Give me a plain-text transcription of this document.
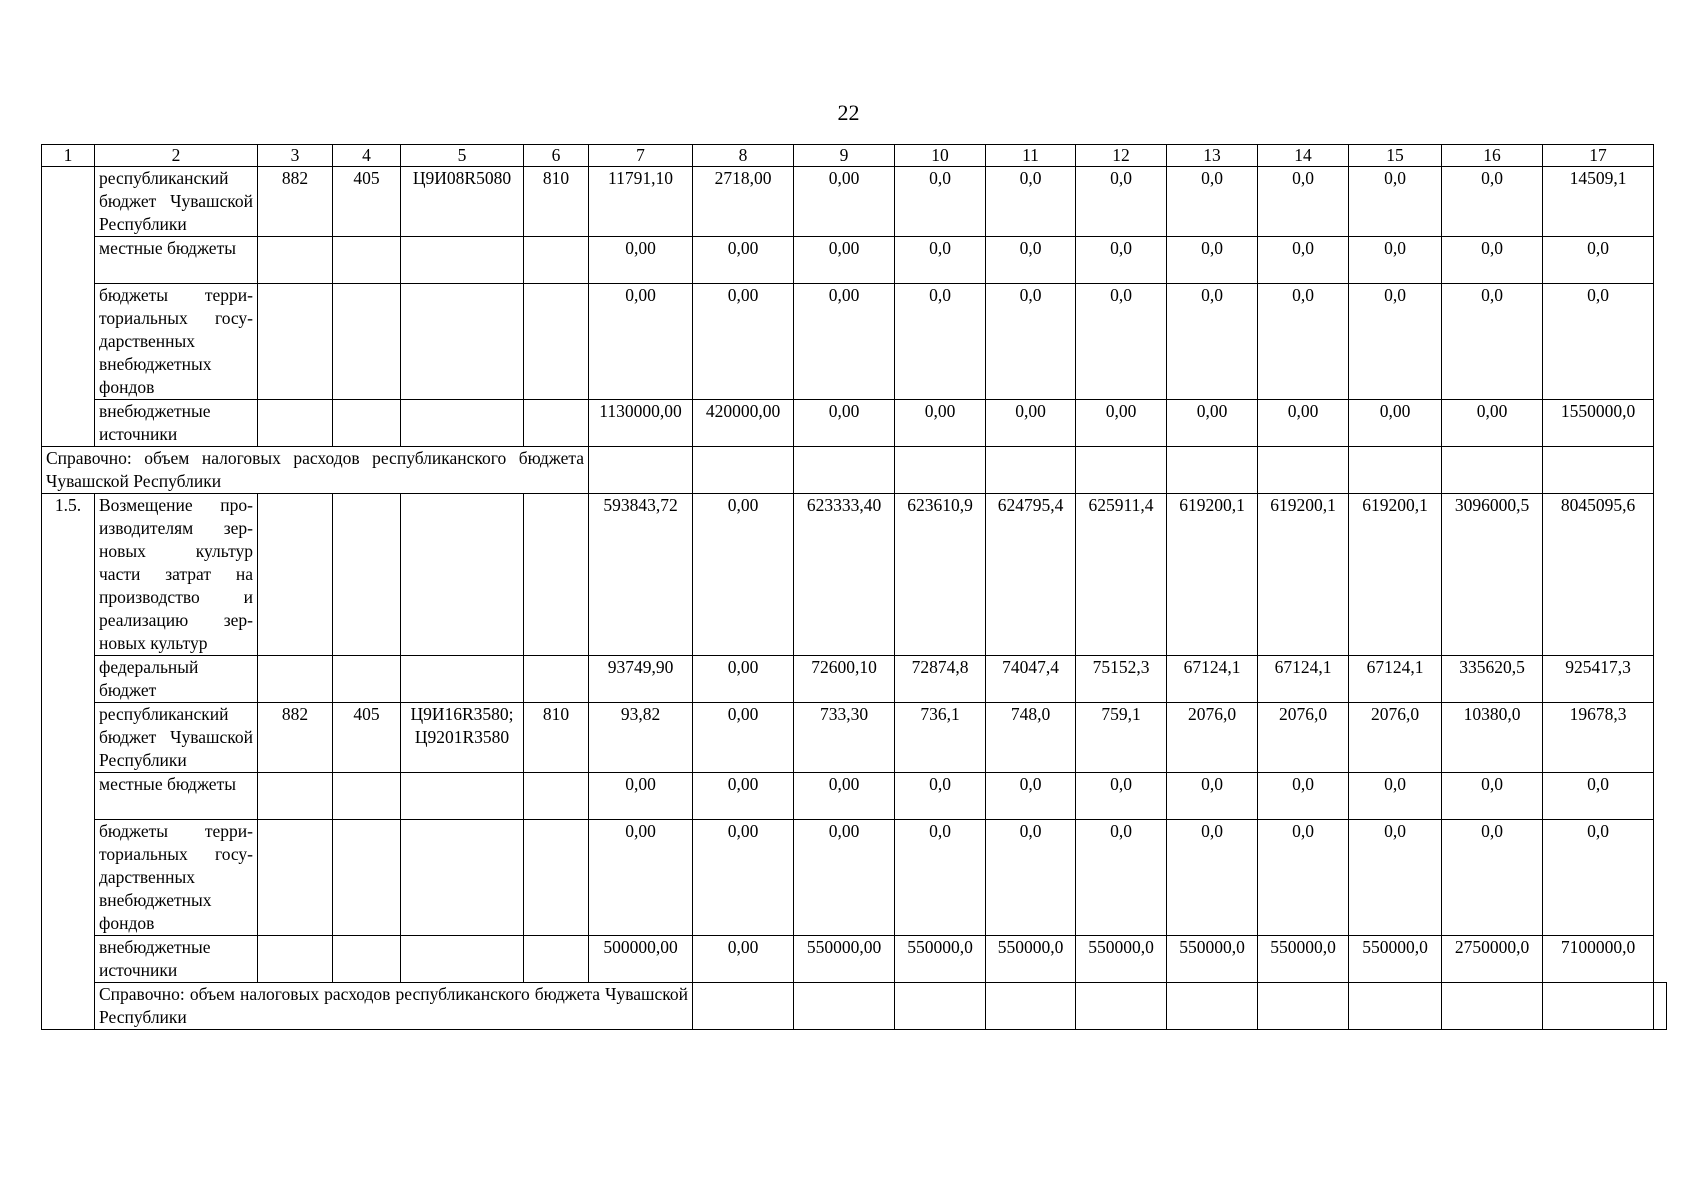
22
1	2	3	4	5	6	7	8	9	10	11	12	13	14	15	16	17	
	республиканский бюджет Чувашской Республики	882	405	Ц9И08R5080	810	11791,10	2718,00	0,00	0,0	0,0	0,0	0,0	0,0	0,0	0,0	14509,1	
	местные бюджеты					0,00	0,00	0,00	0,0	0,0	0,0	0,0	0,0	0,0	0,0	0,0	
	бюджеты территориальных государственных внебюджетных фондов					0,00	0,00	0,00	0,0	0,0	0,0	0,0	0,0	0,0	0,0	0,0	
	внебюджетные источники					1130000,00	420000,00	0,00	0,00	0,00	0,00	0,00	0,00	0,00	0,00	1550000,0	
Справочно: объем налоговых расходов республиканского бюджета Чувашской Республики																	
1.5.	Возмещение производителям зерновых культур части затрат на производство и реализацию зерновых культур					593843,72	0,00	623333,40	623610,9	624795,4	625911,4	619200,1	619200,1	619200,1	3096000,5	8045095,6	
	федеральный бюджет					93749,90	0,00	72600,10	72874,8	74047,4	75152,3	67124,1	67124,1	67124,1	335620,5	925417,3	
	республиканский бюджет Чувашской Республики	882	405	Ц9И16R3580; Ц9201R3580	810	93,82	0,00	733,30	736,1	748,0	759,1	2076,0	2076,0	2076,0	10380,0	19678,3	
	местные бюджеты					0,00	0,00	0,00	0,0	0,0	0,0	0,0	0,0	0,0	0,0	0,0	
	бюджеты территориальных государственных внебюджетных фондов					0,00	0,00	0,00	0,0	0,0	0,0	0,0	0,0	0,0	0,0	0,0	
	внебюджетные источники					500000,00	0,00	550000,00	550000,0	550000,0	550000,0	550000,0	550000,0	550000,0	2750000,0	7100000,0	
	Справочно: объем налоговых расходов республиканского бюджета Чувашской Республики																
